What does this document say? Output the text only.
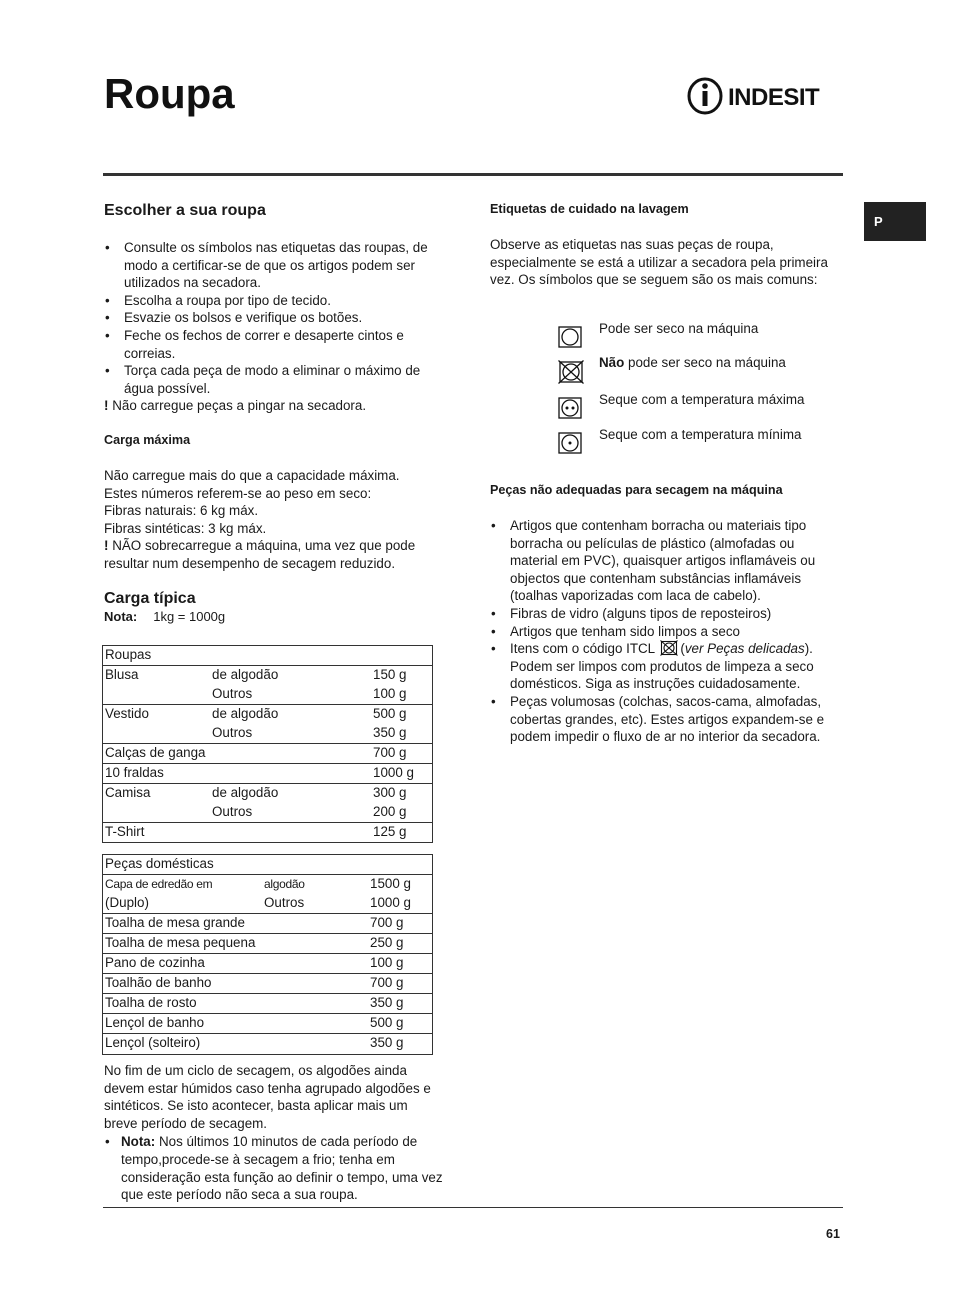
Roupa	INDESIT
P
Escolher a sua roupa
• Consulte os símbolos nas etiquetas das roupas, de modo a certificar-se de que os artigos podem ser utilizados na secadora.
• Escolha a roupa por tipo de tecido.
• Esvazie os bolsos e verifique os botões.
• Feche os fechos de correr e desaperte cintos e correias.
• Torça cada peça de modo a eliminar o máximo de água possível.

! Não carregue peças a pingar na secadora.

Carga máxima

Não carregue mais do que a capacidade máxima.

Estes números referem-se ao peso em seco:

Fibras naturais: 6 kg máx.

Fibras sintéticas: 3 kg máx.

! NÃO sobrecarregue a máquina, uma vez que pode resultar num desempenho de secagem reduzido.

Carga típica

Nota: 1kg = 1000g

Roupas		
Blusa	de algodão	150 g
	Outros	100 g
Vestido	de algodão	500 g
	Outros	350 g
Calças de ganga		700 g
10 fraldas		1000 g
Camisa	de algodão	300 g
	Outros	200 g
T-Shirt		125 g
Peças domésticas		
Capa de edredão em	algodão	1500 g
(Duplo)	Outros	1000 g
Toalha de mesa grande		700 g
Toalha de mesa pequena		250 g
Pano de cozinha		100 g
Toalhão de banho		700 g
Toalha de rosto		350 g
Lençol de banho		500 g
Lençol (solteiro)		350 g

No fim de um ciclo de secagem, os algodões ainda devem estar húmidos caso tenha agrupado algodões e sintéticos. Se isto acontecer, basta aplicar mais um breve período de secagem.

• Nota: Nos últimos 10 minutos de cada período de tempo,procede-se à secagem a frio; tenha em consideração esta função ao definir o tempo, uma vez que este período não seca a sua roupa.
Etiquetas de cuidado na lavagem

Observe as etiquetas nas suas peças de roupa, especialmente se está a utilizar a secadora pela primeira vez. Os símbolos que se seguem são os mais comuns:

Pode ser seco na máquina
Não pode ser seco na máquina
Seque com a temperatura máxima
Seque com a temperatura mínima
Peças não adequadas para secagem na máquina
• Artigos que contenham borracha ou materiais tipo borracha ou películas de plástico (almofadas ou material em PVC), quaisquer artigos inflamáveis ou objectos que contenham substâncias inflamáveis (toalhas vaporizadas com laca de cabelo).
• Fibras de vidro (alguns tipos de reposteiros)
• Artigos que tenham sido limpos a seco
• Itens com o código ITCL (ver Peças delicadas). Podem ser limpos com produtos de limpeza a seco domésticos. Siga as instruções cuidadosamente.
• Peças volumosas (colchas, sacos-cama, almofadas, cobertas grandes, etc). Estes artigos expandem-se e podem impedir o fluxo de ar no interior da secadora.
61
